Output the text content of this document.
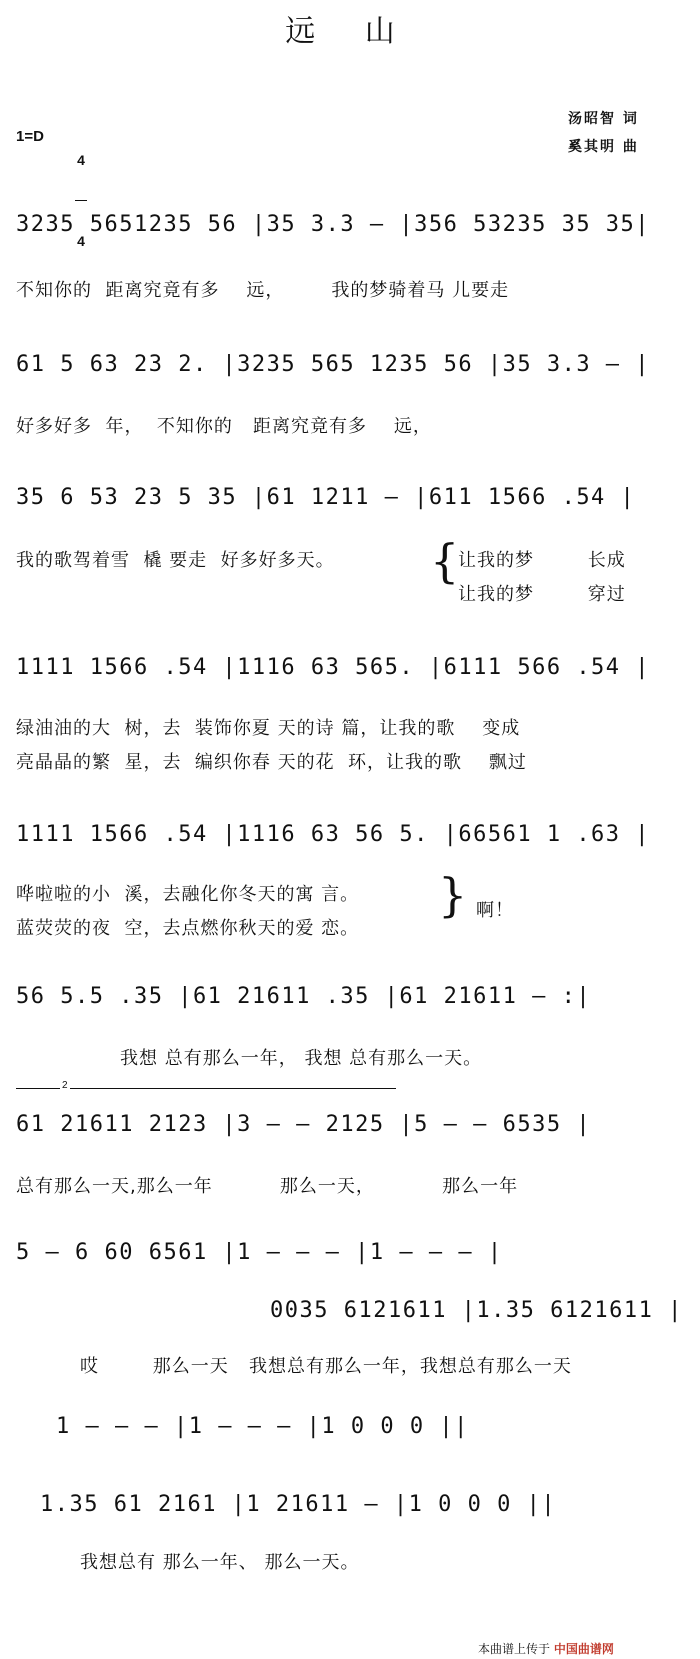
远 山
1=D

4

4

汤昭智 词
奚其明 曲
3235 5651235 56 |35 3.3 — |356 53235 35 35|
不知你的  距离究竟有多    远，       我的梦骑着马 儿要走
61 5 63 23 2. |3235 565 1235 56 |35 3.3 — |
好多好多  年，  不知你的   距离究竟有多    远，
35 6 53 23 5 35 |61 1211 — |611 1566 .54 |
我的歌驾着雪  橇 要走  好多好多天。 {
让我的梦        长成
让我的梦        穿过
1111 1566 .54 |1116 63 565. |6111 566 .54 |
绿油油的大  树，去  装饰你夏 天的诗 篇，让我的歌    变成
亮晶晶的繁  星，去  编织你春 天的花  环，让我的歌    飘过
1111 1566 .54 |1116 63 56 5. |66561 1 .63 |
哗啦啦的小  溪，去融化你冬天的寓 言。
蓝荧荧的夜  空，去点燃你秋天的爱 恋。
} 啊！
56 5.5 .35 |61 21611 .35 |61 21611 — :|
我想 总有那么一年， 我想 总有那么一天。
2
61 21611 2123 |3 — — 2125 |5 — — 6535 |
总有那么一天,那么一年          那么一天，          那么一年
5 — 6 60 6561 |1 — — — |1 — — — |
0035 6121611 |1.35 6121611 |
哎        那么一天   我想总有那么一年，我想总有那么一天
1 — — — |1 — — — |1 0 0 0 ||
1.35 61 2161 |1 21611 — |1 0 0 0 ||
我想总有 那么一年、 那么一天。
本曲谱上传于 中国曲谱网
